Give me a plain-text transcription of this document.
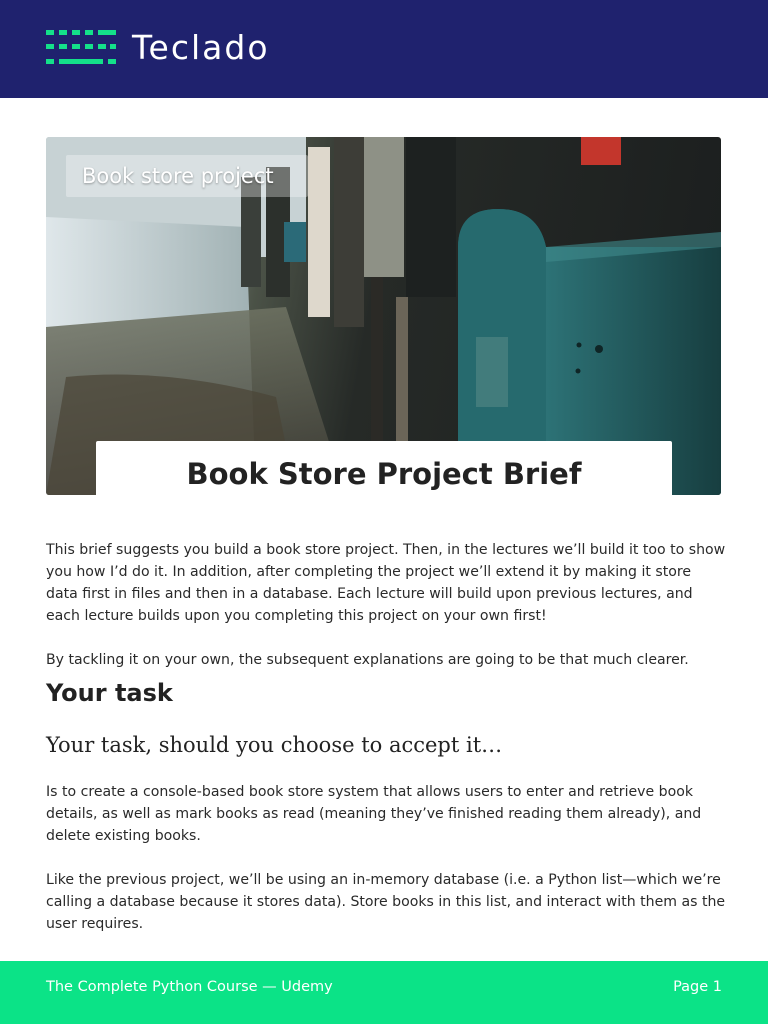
Teclado
Book store project
Book Store Project Brief

This brief suggests you build a book store project. Then, in the lectures we’ll build it too to show you how I’d do it. In addition, after completing the project we’ll extend it by making it store data first in files and then in a database. Each lecture will build upon previous lectures, and each lecture builds upon you completing this project on your own first!

By tackling it on your own, the subsequent explanations are going to be that much clearer.

Your task
Your task, should you choose to accept it…

Is to create a console-based book store system that allows users to enter and retrieve book details, as well as mark books as read (meaning they’ve finished reading them already), and delete existing books.

Like the previous project, we’ll be using an in-memory database (i.e. a Python list—which we’re calling a database because it stores data). Store books in this list, and interact with them as the user requires.

The Complete Python Course — Udemy	Page 1
